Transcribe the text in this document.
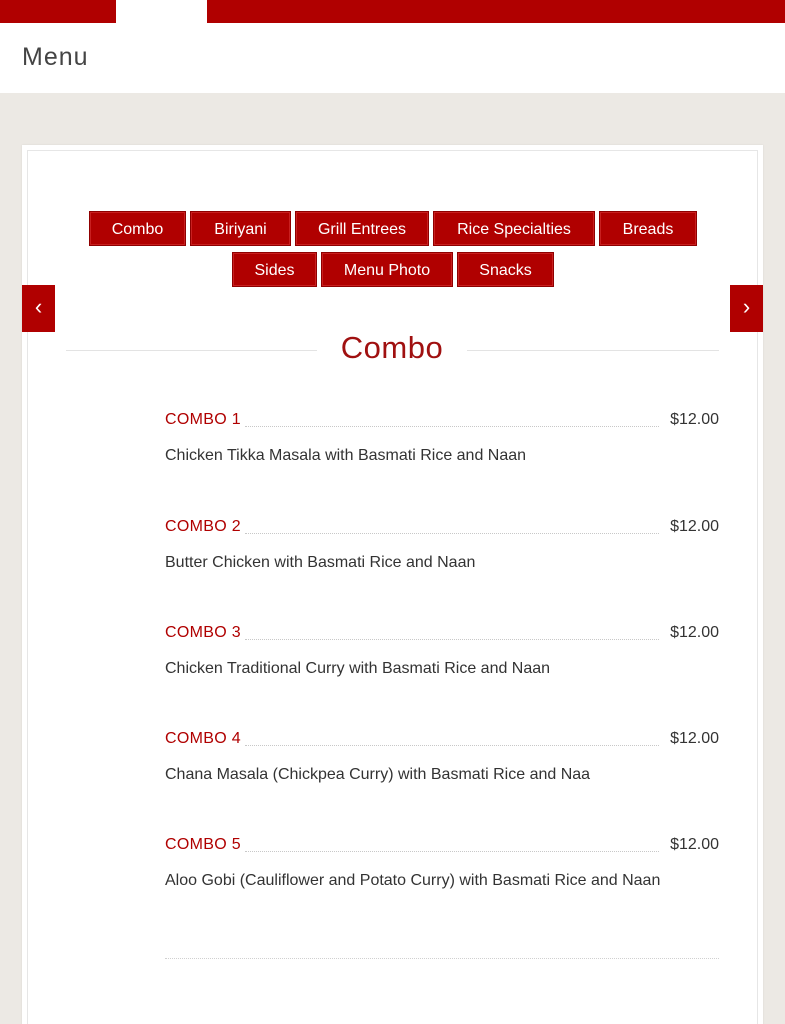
Menu
Combo	Biriyani	Grill Entrees	Rice Specialties	Breads
Sides	Menu Photo	Snacks
‹	›
Combo
COMBO 1	$12.00
Chicken Tikka Masala with Basmati Rice and Naan
COMBO 2	$12.00
Butter Chicken with Basmati Rice and Naan
COMBO 3	$12.00
Chicken Traditional Curry with Basmati Rice and Naan
COMBO 4	$12.00
Chana Masala (Chickpea Curry) with Basmati Rice and Naa
COMBO 5	$12.00
Aloo Gobi (Cauliflower and Potato Curry) with Basmati Rice and Naan
